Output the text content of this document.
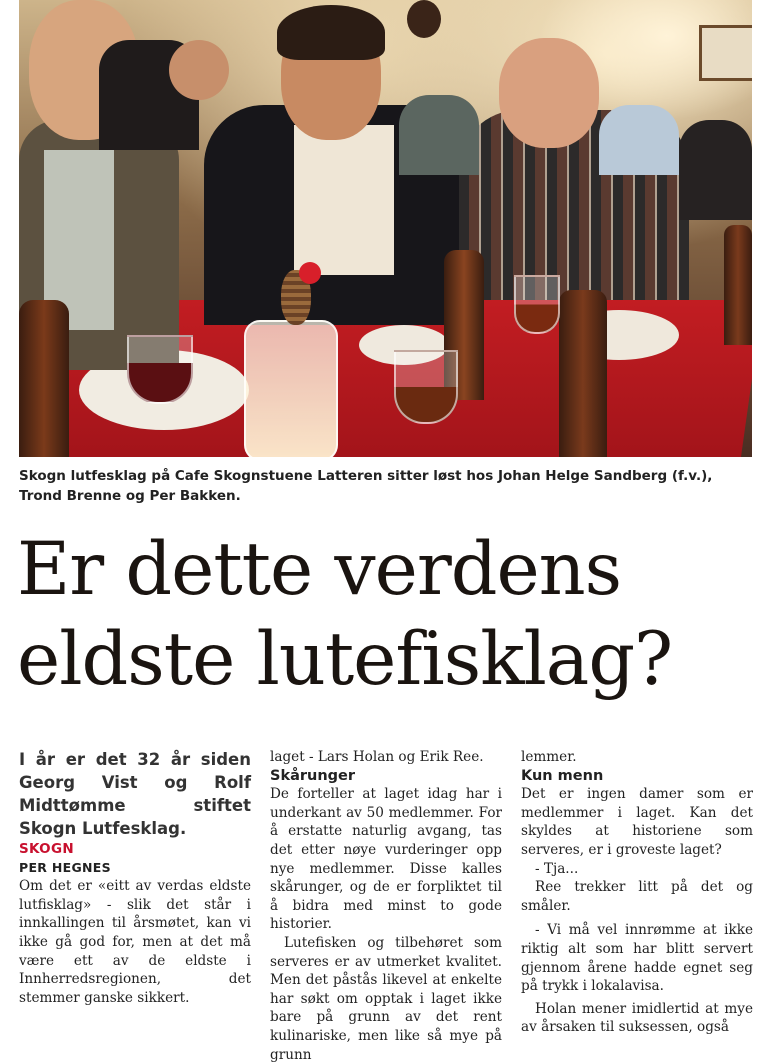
Skogn lutfesklag på Cafe Skognstuene Latteren sitter løst hos Johan Helge Sandberg (f.v.), Trond Brenne og Per Bakken.
Er dette verdens eldste lutefisklag?

I år er det 32 år siden Georg Vist og Rolf Midttømme stiftet Skogn Lutfesklag.

SKOGN

PER HEGNES

Om det er «eitt av verdas eldste lutfisklag» - slik det står i innkallingen til årsmøtet, kan vi ikke gå god for, men at det må være ett av de eldste i Innherredsregionen, det stemmer ganske sikkert.

laget - Lars Holan og Erik Ree.

Skårunger

De forteller at laget idag har i underkant av 50 medlemmer. For å erstatte naturlig avgang, tas det etter nøye vurderinger opp nye medlemmer. Disse kalles skårunger, og de er forpliktet til å bidra med minst to gode historier.

Lutefisken og tilbehøret som serveres er av utmerket kvalitet. Men det påstås likevel at enkelte har søkt om opptak i laget ikke bare på grunn av det rent kulinariske, men like så mye på grunn

lemmer.

Kun menn

Det er ingen damer som er medlemmer i laget. Kan det skyldes at historiene som serveres, er i groveste laget?

- Tja...

Ree trekker litt på det og småler.

- Vi må vel innrømme at ikke riktig alt som har blitt servert gjennom årene hadde egnet seg på trykk i lokalavisa.

Holan mener imidlertid at mye av årsaken til suksessen, også
